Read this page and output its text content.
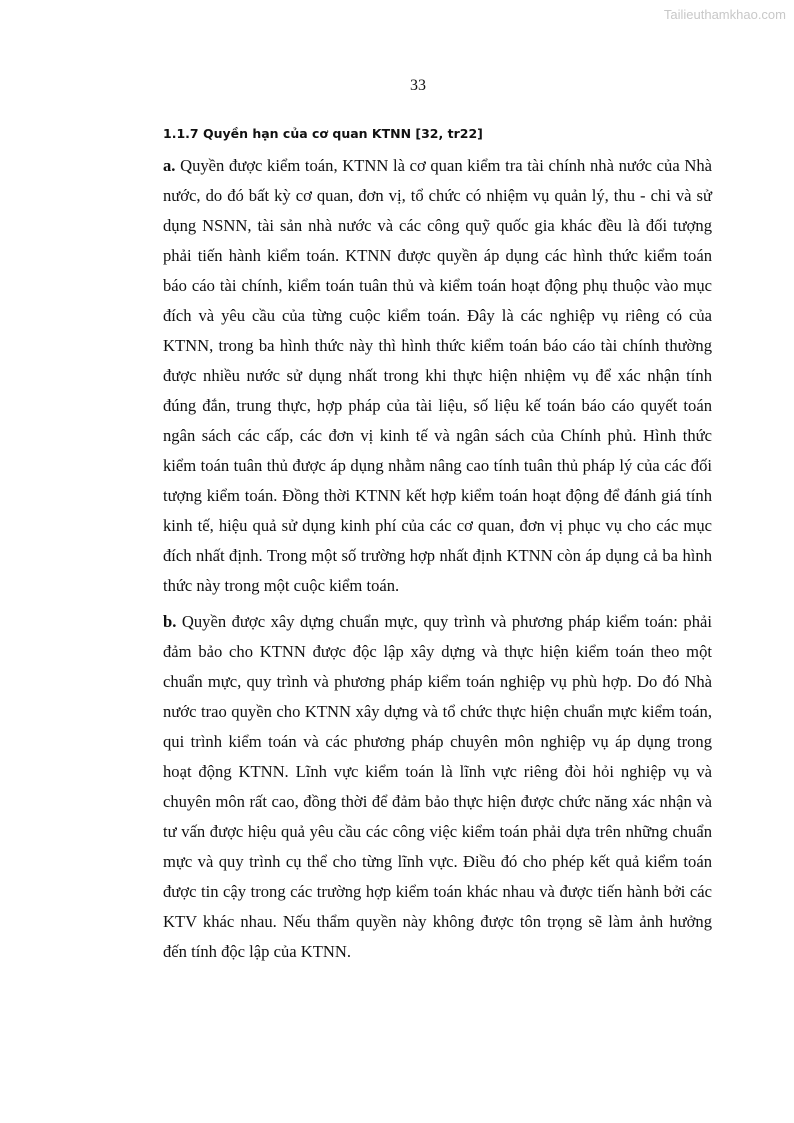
Tailieuthamkhao.com
33
1.1.7 Quyền hạn của cơ quan KTNN [32, tr22]

a. Quyền được kiểm toán, KTNN là cơ quan kiểm tra tài chính nhà nước của Nhà nước, do đó bất kỳ cơ quan, đơn vị, tổ chức có nhiệm vụ quản lý, thu - chi và sử dụng NSNN, tài sản nhà nước và các công quỹ quốc gia khác đều là đối tượng phải tiến hành kiểm toán. KTNN được quyền áp dụng các hình thức kiểm toán báo cáo tài chính, kiểm toán tuân thủ và kiểm toán hoạt động phụ thuộc vào mục đích và yêu cầu của từng cuộc kiểm toán. Đây là các nghiệp vụ riêng có của KTNN, trong ba hình thức này thì hình thức kiểm toán báo cáo tài chính thường được nhiều nước sử dụng nhất trong khi thực hiện nhiệm vụ để xác nhận tính đúng đắn, trung thực, hợp pháp của tài liệu, số liệu kế toán báo cáo quyết toán ngân sách các cấp, các đơn vị kinh tế và ngân sách của Chính phủ. Hình thức kiểm toán tuân thủ được áp dụng nhằm nâng cao tính tuân thủ pháp lý của các đối tượng kiểm toán. Đồng thời KTNN kết hợp kiểm toán hoạt động để đánh giá tính kinh tế, hiệu quả sử dụng kinh phí của các cơ quan, đơn vị phục vụ cho các mục đích nhất định. Trong một số trường hợp nhất định KTNN còn áp dụng cả ba hình thức này trong một cuộc kiểm toán.

b. Quyền được xây dựng chuẩn mực, quy trình và phương pháp kiểm toán: phải đảm bảo cho KTNN được độc lập xây dựng và thực hiện kiểm toán theo một chuẩn mực, quy trình và phương pháp kiểm toán nghiệp vụ phù hợp. Do đó Nhà nước trao quyền cho KTNN xây dựng và tổ chức thực hiện chuẩn mực kiểm toán, qui trình kiểm toán và các phương pháp chuyên môn nghiệp vụ áp dụng trong hoạt động KTNN. Lĩnh vực kiểm toán là lĩnh vực riêng đòi hỏi nghiệp vụ và chuyên môn rất cao, đồng thời để đảm bảo thực hiện được chức năng xác nhận và tư vấn được hiệu quả yêu cầu các công việc kiểm toán phải dựa trên những chuẩn mực và quy trình cụ thể cho từng lĩnh vực. Điều đó cho phép kết quả kiểm toán được tin cậy trong các trường hợp kiểm toán khác nhau và được tiến hành bởi các KTV khác nhau. Nếu thẩm quyền này không được tôn trọng sẽ làm ảnh hưởng đến tính độc lập của KTNN.
